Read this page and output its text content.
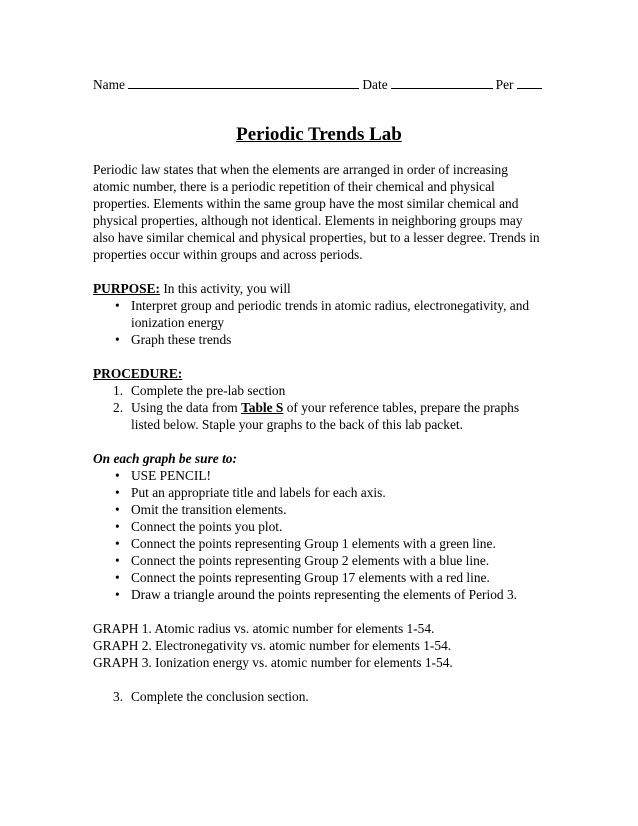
Name	Date	Per
Periodic Trends Lab

Periodic law states that when the elements are arranged in order of increasing atomic number, there is a periodic repetition of their chemical and physical properties. Elements within the same group have the most similar chemical and physical properties, although not identical. Elements in neighboring groups may also have similar chemical and physical properties, but to a lesser degree. Trends in properties occur within groups and across periods.

PURPOSE: In this activity, you will

• Interpret group and periodic trends in atomic radius, electronegativity, and ionization energy
• Graph these trends

PROCEDURE:

1. Complete the pre-lab section
2. Using the data from Table S of your reference tables, prepare the praphs listed below. Staple your graphs to the back of this lab packet.

On each graph be sure to:

• USE PENCIL!
• Put an appropriate title and labels for each axis.
• Omit the transition elements.
• Connect the points you plot.
• Connect the points representing Group 1 elements with a green line.
• Connect the points representing Group 2 elements with a blue line.
• Connect the points representing Group 17 elements with a red line.
• Draw a triangle around the points representing the elements of Period 3.

GRAPH 1. Atomic radius vs. atomic number for elements 1-54.

GRAPH 2. Electronegativity vs. atomic number for elements 1-54.

GRAPH 3. Ionization energy vs. atomic number for elements 1-54.

3. Complete the conclusion section.
